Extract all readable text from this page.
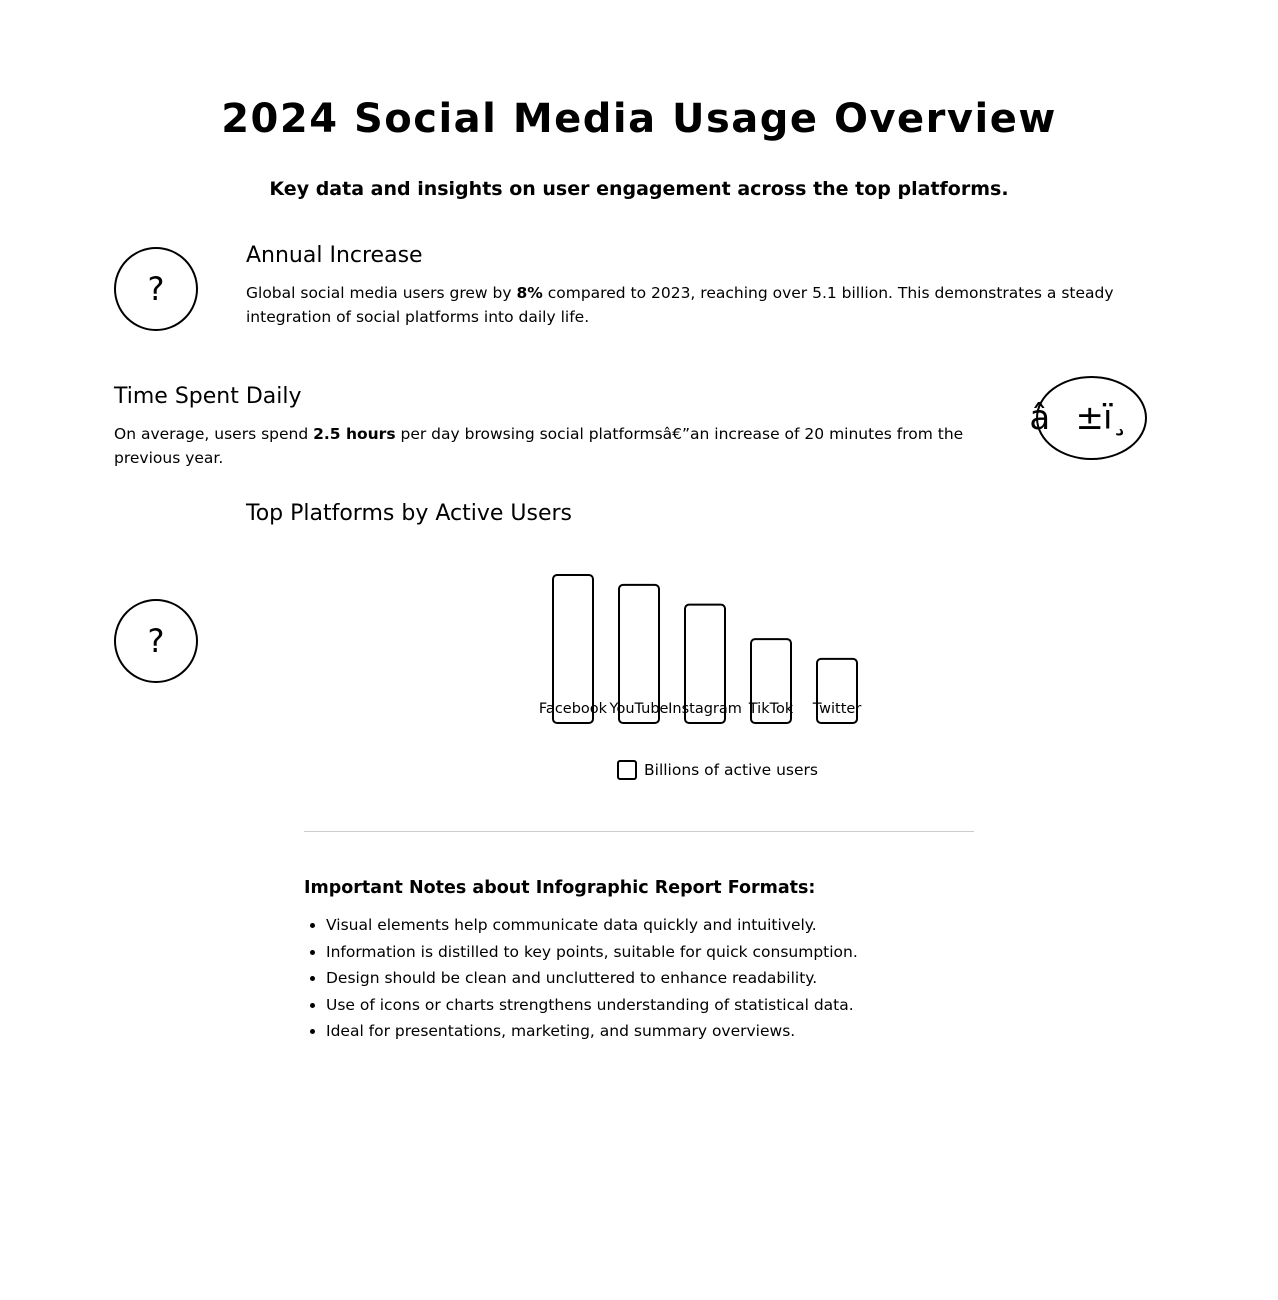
2024 Social Media Usage Overview
Key data and insights on user engagement across the top platforms.
?
Annual Increase

Global social media users grew by 8% compared to 2023, reaching over 5.1 billion. This demonstrates a steady integration of social platforms into daily life.

Time Spent Daily

On average, users spend 2.5 hours per day browsing social platformsâ€”an increase of 20 minutes from the previous year.

â±ï¸
Top Platforms by Active Users
?
Facebook YouTube Instagram TikTok Twitter
Billions of active users
Important Notes about Infographic Report Formats:
• Visual elements help communicate data quickly and intuitively.
• Information is distilled to key points, suitable for quick consumption.
• Design should be clean and uncluttered to enhance readability.
• Use of icons or charts strengthens understanding of statistical data.
• Ideal for presentations, marketing, and summary overviews.
